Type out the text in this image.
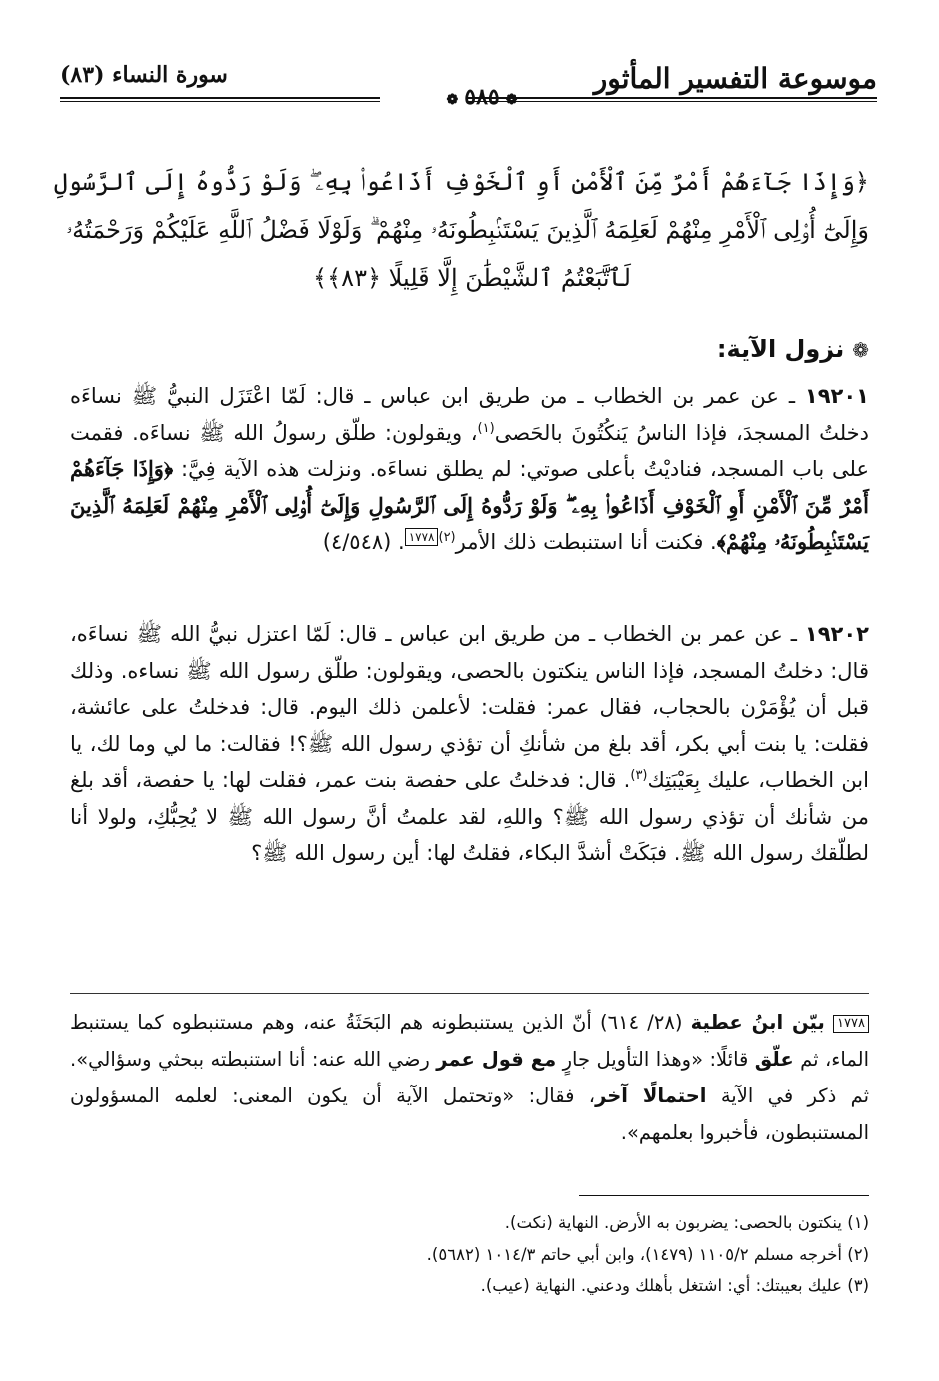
موسوعة التفسير المأثور
❁٥٨٥❁
سورة النساء (٨٣)
﴿وَإِذَا جَآءَهُمْ أَمْرٌ مِّنَ ٱلْأَمْنِ أَوِ ٱلْخَوْفِ أَذَاعُوا۟ بِهِۦ ۖ وَلَوْ رَدُّوهُ إِلَى ٱلرَّسُولِ
وَإِلَىٰٓ أُو۟لِى ٱلْأَمْرِ مِنْهُمْ لَعَلِمَهُ ٱلَّذِينَ يَسْتَنۢبِطُونَهُۥ مِنْهُمْ ۗ وَلَوْلَا فَضْلُ ٱللَّهِ عَلَيْكُمْ وَرَحْمَتُهُۥ
لَٱتَّبَعْتُمُ ٱلشَّيْطَٰنَ إِلَّا قَلِيلًا ﴿٨٣﴾﴾
❁نزول الآية:
١٩٢٠١ ـ عن عمر بن الخطاب ـ من طريق ابن عباس ـ قال: لَمّا اعْتَزَل النبيُّ ﷺ نساءَه دخلتُ المسجدَ، فإذا الناسُ يَنكُتُونَ بالحَصى$^{(١)}$، ويقولون: طلّق رسولُ الله ﷺ نساءَه. فقمت على باب المسجد، فناديْتُ بأعلى صوتي: لم يطلق نساءَه. ونزلت هذه الآية فِيَّ: ﴿وَإِذَا جَآءَهُمْ أَمْرٌ مِّنَ ٱلْأَمْنِ أَوِ ٱلْخَوْفِ أَذَاعُوا۟ بِهِۦ ۖ وَلَوْ رَدُّوهُ إِلَى ٱلرَّسُولِ وَإِلَىٰٓ أُو۟لِى ٱلْأَمْرِ مِنْهُمْ لَعَلِمَهُ ٱلَّذِينَ يَسْتَنۢبِطُونَهُۥ مِنْهُمْ﴾. فكنت أنا استنبطت ذلك الأمر$^{(٢)}$١٧٧٨. (٤/٥٤٨)
١٩٢٠٢ ـ عن عمر بن الخطاب ـ من طريق ابن عباس ـ قال: لَمّا اعتزل نبيُّ الله ﷺ نساءَه، قال: دخلتُ المسجد، فإذا الناس ينكتون بالحصى، ويقولون: طلّق رسول الله ﷺ نساءه. وذلك قبل أن يُؤْمَرْن بالحجاب، فقال عمر: فقلت: لأعلمن ذلك اليوم. قال: فدخلتُ على عائشة، فقلت: يا بنت أبي بكر، أقد بلغ من شأنكِ أن تؤذي رسول الله ﷺ؟! فقالت: ما لي وما لك، يا ابن الخطاب، عليك بِعَيْبَتِك$^{(٣)}$. قال: فدخلتُ على حفصة بنت عمر، فقلت لها: يا حفصة، أقد بلغ من شأنك أن تؤذي رسول الله ﷺ؟ واللهِ، لقد علمتُ أنَّ رسول الله ﷺ لا يُحِبُّكِ، ولولا أنا لطلّقك رسول الله ﷺ. فبَكَتْ أشدَّ البكاء، فقلتُ لها: أين رسول الله ﷺ؟
١٧٧٨ بيّن ابنُ عطية (٢٨/ ٦١٤) أنّ الذين يستنبطونه هم البَحَثَةُ عنه، وهم مستنبطوه كما يستنبط الماء، ثم علّق قائلًا: «وهذا التأويل جارٍ مع قول عمر رضي الله عنه: أنا استنبطته ببحثي وسؤالي». ثم ذكر في الآية احتمالًا آخر، فقال: «وتحتمل الآية أن يكون المعنى: لعلمه المسؤولون المستنبطون، فأخبروا بعلمهم».
(١) ينكتون بالحصى: يضربون به الأرض. النهاية (نكت).
(٢) أخرجه مسلم ١١٠٥/٢ (١٤٧٩)، وابن أبي حاتم ١٠١٤/٣ (٥٦٨٢).
(٣) عليك بعيبتك: أي: اشتغل بأهلك ودعني. النهاية (عيب).
